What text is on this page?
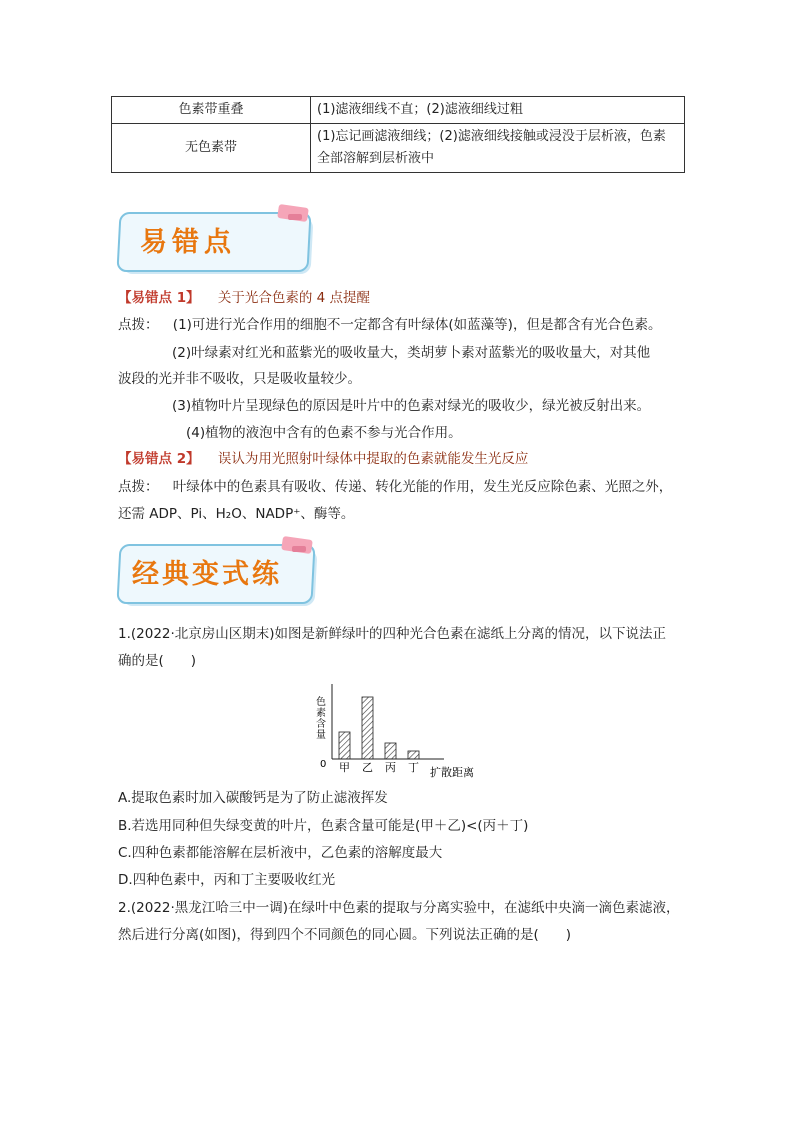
色素带重叠	(1)滤液细线不直；(2)滤液细线过粗
无色素带	(1)忘记画滤液细线；(2)滤液细线接触或浸没于层析液，色素
全部溶解到层析液中
易错点
【易错点 1】 关于光合色素的 4 点提醒
点拨： (1)可进行光合作用的细胞不一定都含有叶绿体(如蓝藻等)，但是都含有光合色素。
(2)叶绿素对红光和蓝紫光的吸收量大，类胡萝卜素对蓝紫光的吸收量大，对其他
波段的光并非不吸收，只是吸收量较少。
(3)植物叶片呈现绿色的原因是叶片中的色素对绿光的吸收少，绿光被反射出来。
(4)植物的液泡中含有的色素不参与光合作用。
【易错点 2】 误认为用光照射叶绿体中提取的色素就能发生光反应
点拨： 叶绿体中的色素具有吸收、传递、转化光能的作用，发生光反应除色素、光照之外，
还需 ADP、Pi、H₂O、NADP⁺、酶等。
经典变式练
1.(2022·北京房山区期末)如图是新鲜绿叶的四种光合色素在滤纸上分离的情况，以下说法正
确的是(　　)
色素含量
0
扩散距离
甲 乙 丙 丁
A.提取色素时加入碳酸钙是为了防止滤液挥发
B.若选用同种但失绿变黄的叶片，色素含量可能是(甲＋乙)<(丙＋丁)
C.四种色素都能溶解在层析液中，乙色素的溶解度最大
D.四种色素中，丙和丁主要吸收红光
2.(2022·黑龙江哈三中一调)在绿叶中色素的提取与分离实验中，在滤纸中央滴一滴色素滤液，
然后进行分离(如图)，得到四个不同颜色的同心圆。下列说法正确的是(　　)
